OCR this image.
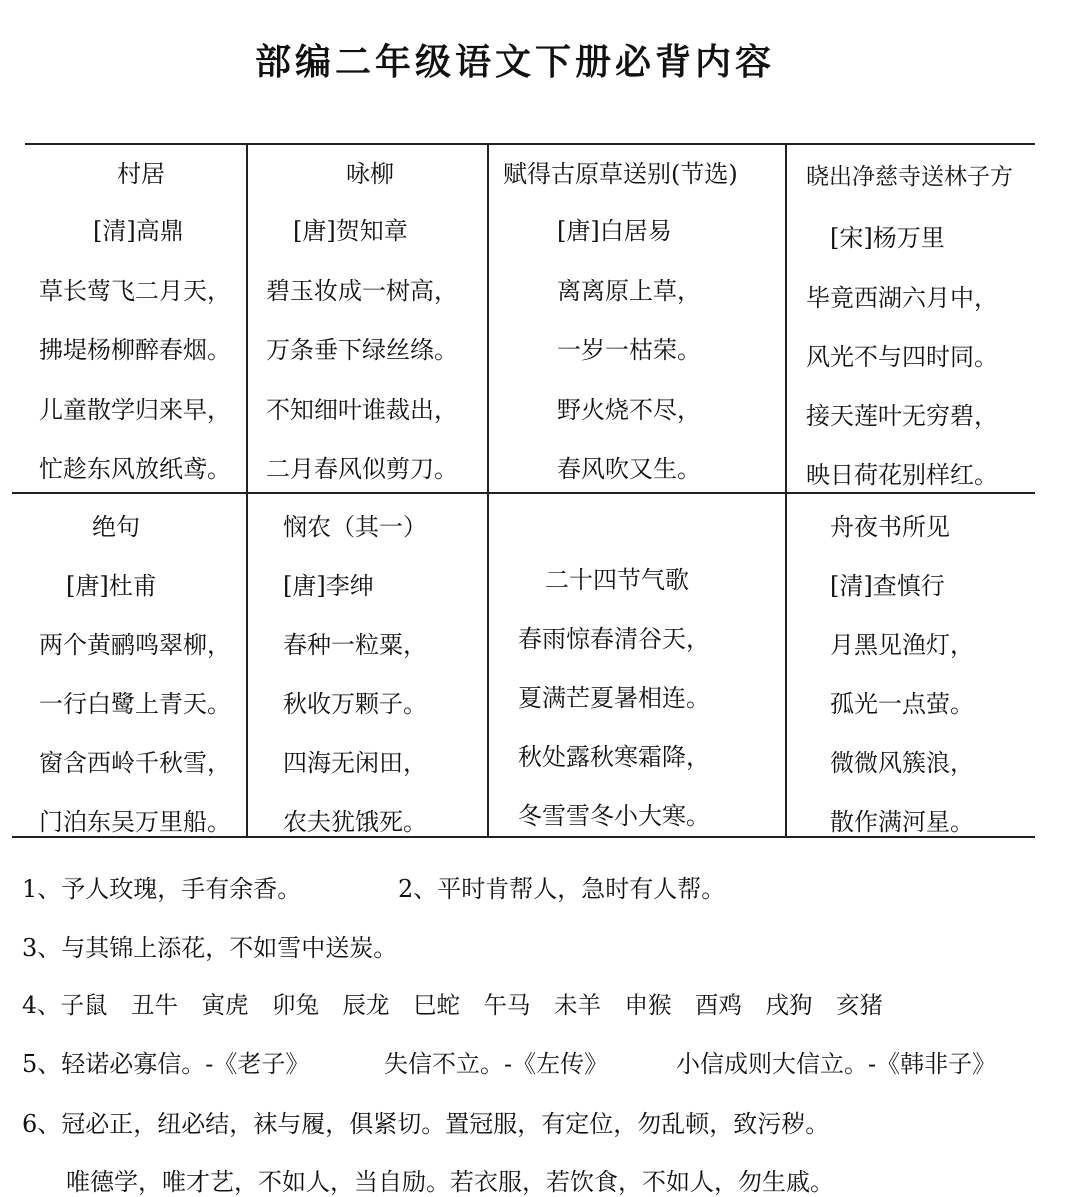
部编二年级语文下册必背内容
村居
[清]高鼎
草长莺飞二月天，
拂堤杨柳醉春烟。
儿童散学归来早，
忙趁东风放纸鸢。
咏柳
[唐]贺知章
碧玉妆成一树高，
万条垂下绿丝绦。
不知细叶谁裁出，
二月春风似剪刀。
赋得古原草送别(节选)
[唐]白居易
离离原上草，
一岁一枯荣。
野火烧不尽，
春风吹又生。
晓出净慈寺送林子方
[宋]杨万里
毕竟西湖六月中，
风光不与四时同。
接天莲叶无穷碧，
映日荷花别样红。
绝句
[唐]杜甫
两个黄鹂鸣翠柳，
一行白鹭上青天。
窗含西岭千秋雪，
门泊东吴万里船。
悯农（其一）
[唐]李绅
春种一粒粟，
秋收万颗子。
四海无闲田，
农夫犹饿死。
二十四节气歌
春雨惊春清谷天，
夏满芒夏暑相连。
秋处露秋寒霜降，
冬雪雪冬小大寒。
舟夜书所见
[清]查慎行
月黑见渔灯，
孤光一点萤。
微微风簇浪，
散作满河星。
1、予人玫瑰，手有余香。	2、平时肯帮人，急时有人帮。
3、与其锦上添花，不如雪中送炭。
4、子鼠　丑牛　寅虎　卯兔　辰龙　巳蛇　午马　未羊　申猴　酉鸡　戌狗　亥猪
5、轻诺必寡信。-《老子》	失信不立。-《左传》	小信成则大信立。-《韩非子》
6、冠必正，纽必结，袜与履，俱紧切。置冠服，有定位，勿乱顿，致污秽。
唯德学，唯才艺，不如人，当自励。若衣服，若饮食，不如人，勿生戚。
